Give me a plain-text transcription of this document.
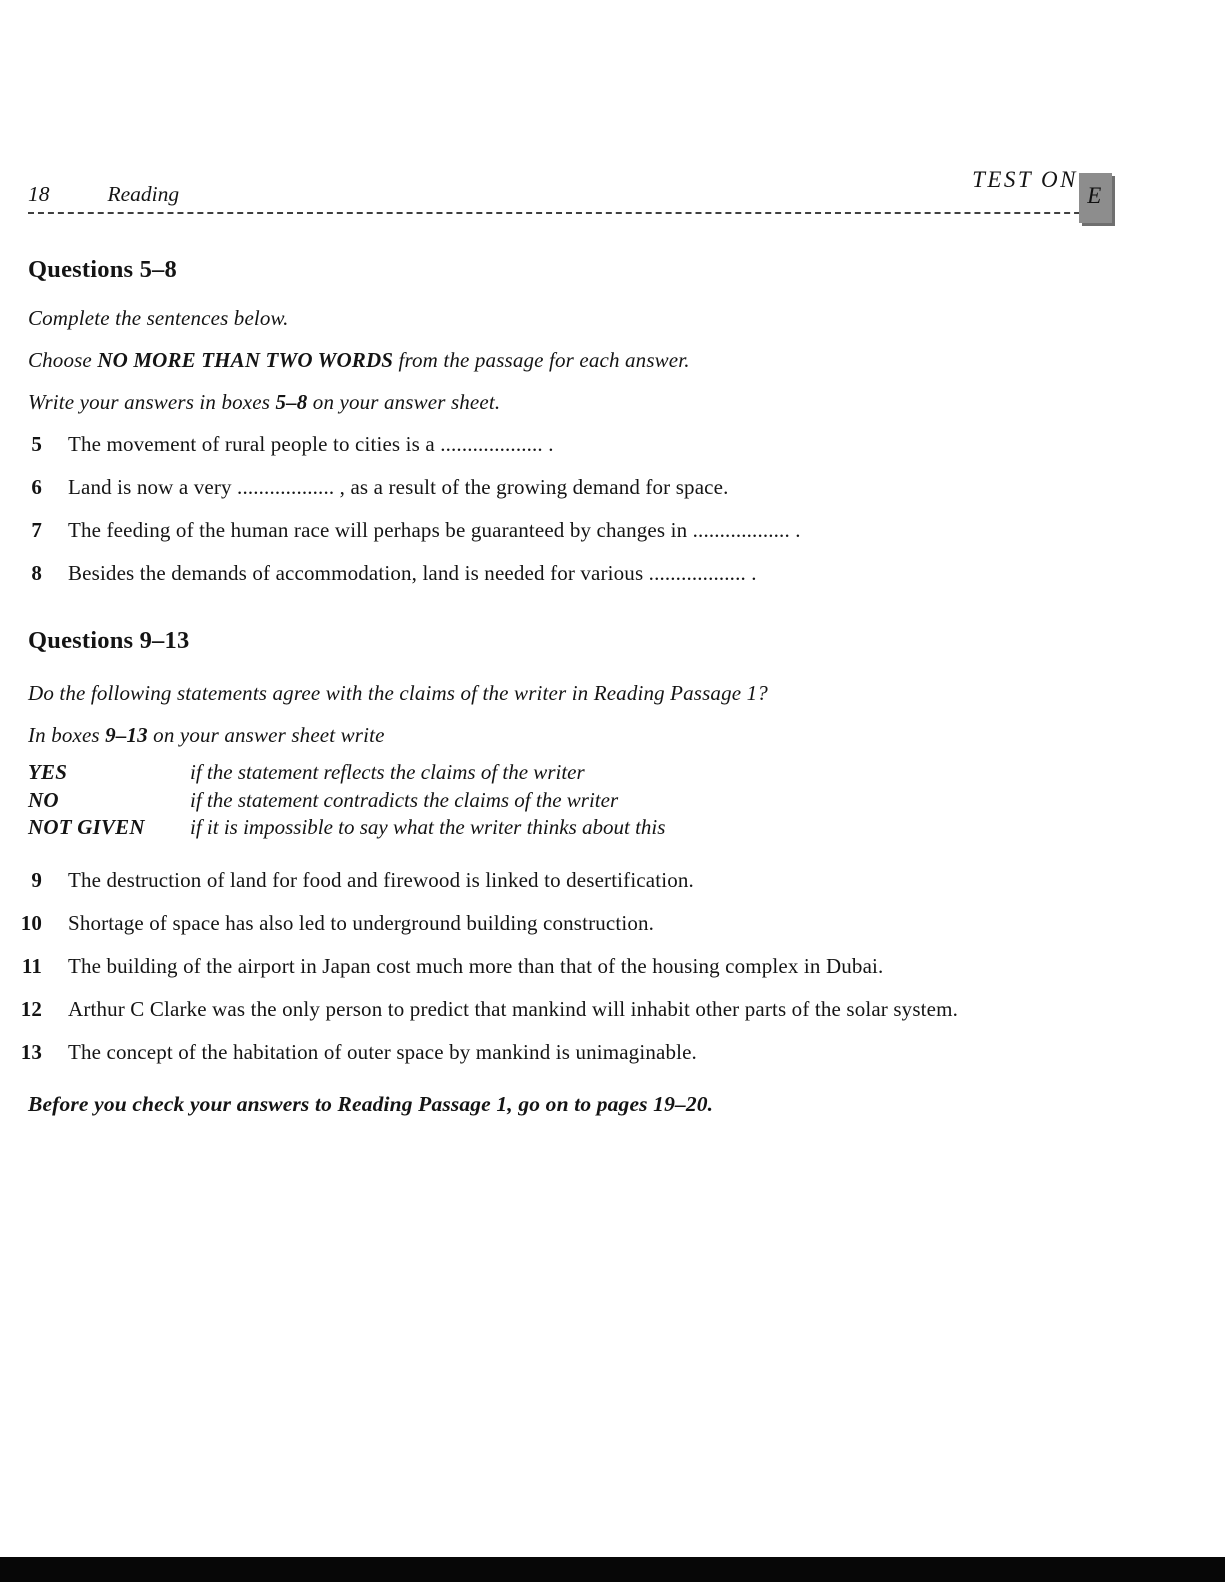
18	Reading
TEST ONE
Questions 5–8

Complete the sentences below.

Choose NO MORE THAN TWO WORDS from the passage for each answer.

Write your answers in boxes 5–8 on your answer sheet.

5 The movement of rural people to cities is a ................... .
6 Land is now a very .................. , as a result of the growing demand for space.
7 The feeding of the human race will perhaps be guaranteed by changes in .................. .
8 Besides the demands of accommodation, land is needed for various .................. .
Questions 9–13

Do the following statements agree with the claims of the writer in Reading Passage 1?

In boxes 9–13 on your answer sheet write

YES	if the statement reflects the claims of the writer
NO	if the statement contradicts the claims of the writer
NOT GIVEN	if it is impossible to say what the writer thinks about this
9 The destruction of land for food and firewood is linked to desertification.
10 Shortage of space has also led to underground building construction.
11 The building of the airport in Japan cost much more than that of the housing complex in Dubai.
12 Arthur C Clarke was the only person to predict that mankind will inhabit other parts of the solar system.
13 The concept of the habitation of outer space by mankind is unimaginable.

Before you check your answers to Reading Passage 1, go on to pages 19–20.
